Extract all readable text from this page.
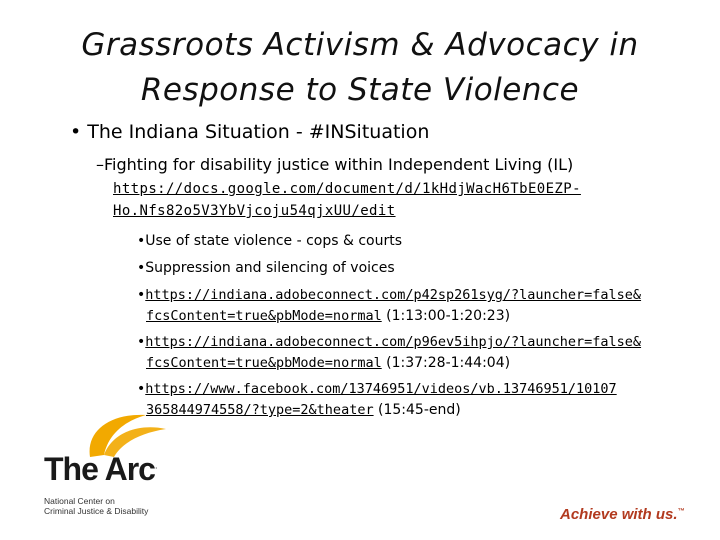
Grassroots Activism & Advocacy in
Response to State Violence
• The Indiana Situation - #INSituation
–Fighting for disability justice within Independent Living (IL)
https://docs.google.com/document/d/1kHdjWacH6TbE0EZP-
Ho.Nfs82o5V3YbVjcoju54qjxUU/edit
•Use of state violence - cops & courts
•Suppression and silencing of voices
•https://indiana.adobeconnect.com/p42sp261syg/?launcher=false&
fcsContent=true&pbMode=normal (1:13:00-1:20:23)
•https://indiana.adobeconnect.com/p96ev5ihpjo/?launcher=false&
fcsContent=true&pbMode=normal (1:37:28-1:44:04)
•https://www.facebook.com/13746951/videos/vb.13746951/10107
365844974558/?type=2&theater (15:45-end)
The Arc.
National Center on
Criminal Justice & Disability	Achieve with us.™
